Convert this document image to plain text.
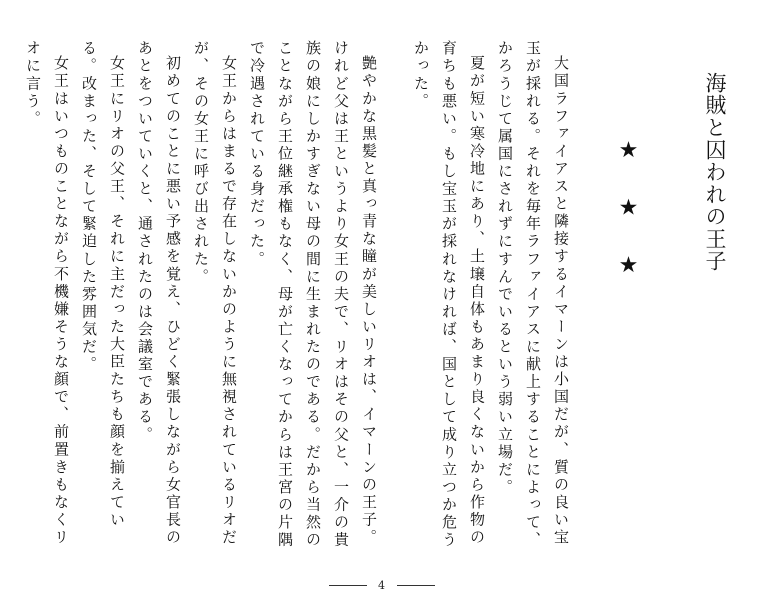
海賊と囚われの王子
★ ★ ★

大国ラファイアスと隣接するイマーンは小国だが、質の良い宝玉が採れる。それを毎年ラファイアスに献上することによって、かろうじて属国にされずにすんでいるという弱い立場だ。

夏が短い寒冷地にあり、土壌自体もあまり良くないから作物の育ちも悪い。もし宝玉が採れなければ、国として成り立つか危うかった。

艶やかな黒髪と真っ青な瞳が美しいリオは、イマーンの王子。けれど父は王というより女王の夫で、リオはその父と、一介の貴族の娘にしかすぎない母の間に生まれたのである。だから当然のことながら王位継承権もなく、母が亡くなってからは王宮の片隅で冷遇されている身だった。

女王からはまるで存在しないかのように無視されているリオだが、その女王に呼び出された。

初めてのことに悪い予感を覚え、ひどく緊張しながら女官長のあとをついていくと、通されたのは会議室である。

女王にリオの父王、それに主だった大臣たちも顔を揃えている。改まった、そして緊迫した雰囲気だ。

女王はいつものことながら不機嫌そうな顔で、前置きもなくリオに言う。

4
